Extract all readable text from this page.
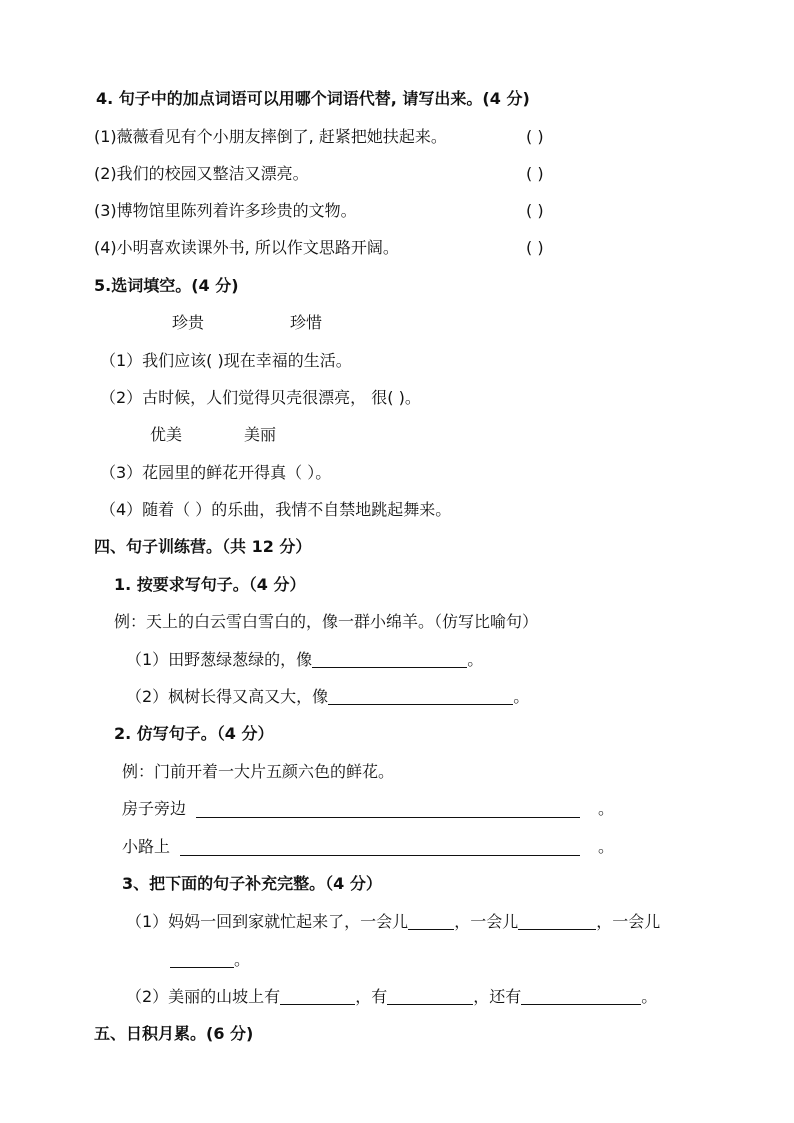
4. 句子中的加点词语可以用哪个词语代替, 请写出来。(4 分)
(1)薇薇看见有个小朋友摔倒了, 赶紧把她扶起来。	( )
(2)我们的校园又整洁又漂亮。	( )
(3)博物馆里陈列着许多珍贵的文物。	( )
(4)小明喜欢读课外书, 所以作文思路开阔。	( )
5.选词填空。(4 分)
珍贵	珍惜
（1）我们应该( )现在幸福的生活。
（2）古时候，人们觉得贝壳很漂亮， 很( )。
优美	美丽
（3）花园里的鲜花开得真（ ）。
（4）随着（ ）的乐曲，我情不自禁地跳起舞来。
四、句子训练营。（共 12 分）
1. 按要求写句子。（4 分）
例：天上的白云雪白雪白的，像一群小绵羊。（仿写比喻句）
（1）田野葱绿葱绿的，像	。
（2）枫树长得又高又大，像	。
2. 仿写句子。（4 分）
例：门前开着一大片五颜六色的鲜花。
房子旁边	。
小路上	。
3、把下面的句子补充完整。（4 分）
（1）妈妈一回到家就忙起来了，一会儿	，一会儿	，一会儿
。
（2）美丽的山坡上有	，有	，还有	。
五、日积月累。(6 分)
